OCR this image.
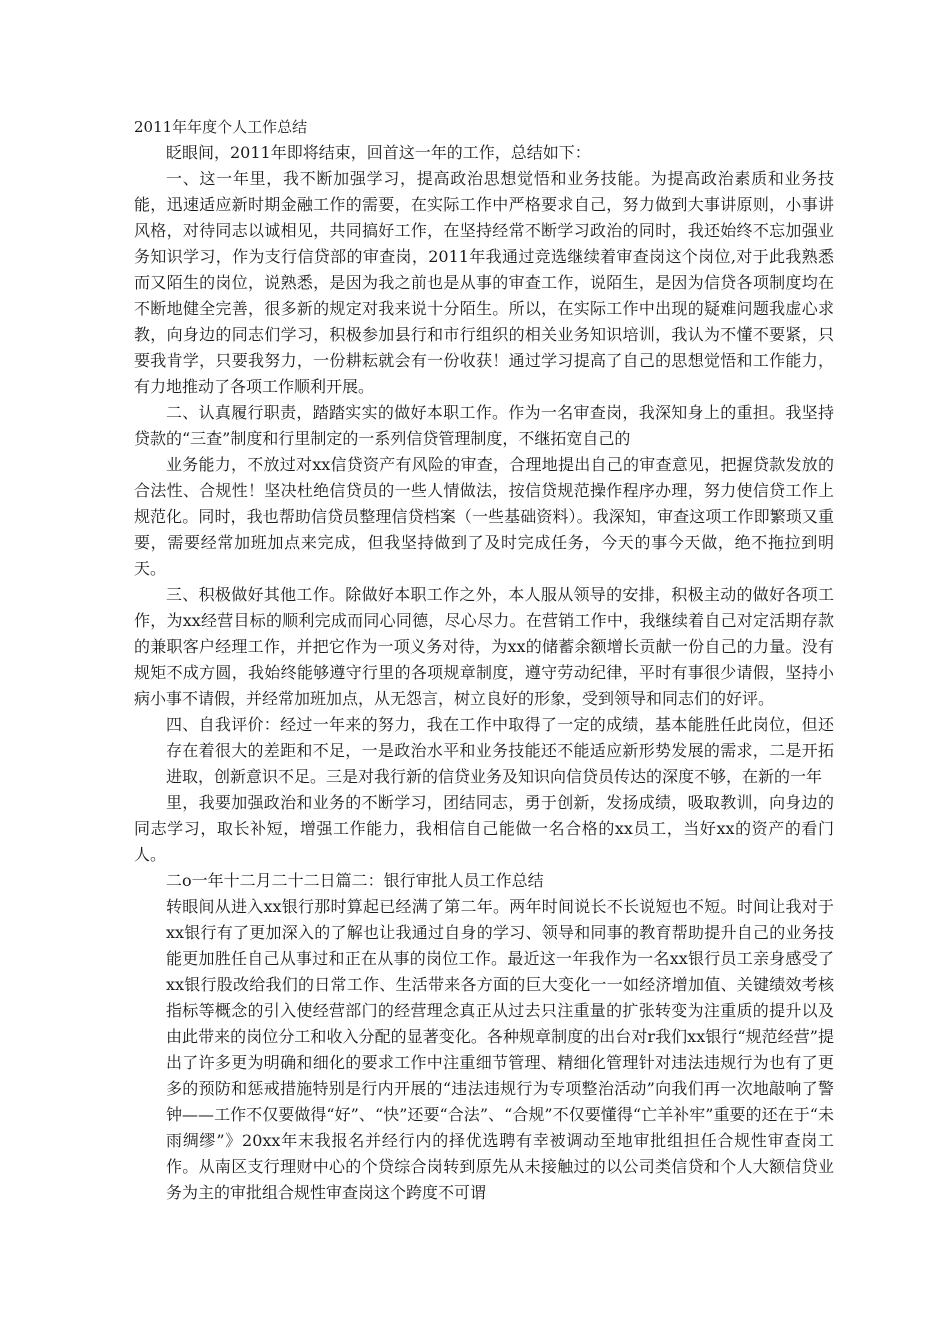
2011年年度个人工作总结

眨眼间，2011年即将结束，回首这一年的工作，总结如下：

一、这一年里，我不断加强学习，提高政治思想觉悟和业务技能。为提高政治素质和业务技能，迅速适应新时期金融工作的需要，在实际工作中严格要求自己，努力做到大事讲原则，小事讲风格，对待同志以诚相见，共同搞好工作，在坚持经常不断学习政治的同时，我还始终不忘加强业务知识学习，作为支行信贷部的审查岗，2011年我通过竞选继续着审查岗这个岗位,对于此我熟悉而又陌生的岗位，说熟悉，是因为我之前也是从事的审查工作，说陌生，是因为信贷各项制度均在不断地健全完善，很多新的规定对我来说十分陌生。所以，在实际工作中出现的疑难问题我虚心求教，向身边的同志们学习，积极参加县行和市行组织的相关业务知识培训，我认为不懂不要紧，只要我肯学，只要我努力，一份耕耘就会有一份收获！通过学习提高了自己的思想觉悟和工作能力，有力地推动了各项工作顺利开展。

二、认真履行职责，踏踏实实的做好本职工作。作为一名审查岗，我深知身上的重担。我坚持贷款的“三查”制度和行里制定的一系列信贷管理制度，不继拓宽自己的

业务能力，不放过对xx信贷资产有风险的审查，合理地提出自己的审查意见，把握贷款发放的合法性、合规性！坚决杜绝信贷员的一些人情做法，按信贷规范操作程序办理，努力使信贷工作上规范化。同时，我也帮助信贷员整理信贷档案（一些基础资料）。我深知，审查这项工作即繁琐又重要，需要经常加班加点来完成，但我坚持做到了及时完成任务，今天的事今天做，绝不拖拉到明天。

三、积极做好其他工作。除做好本职工作之外，本人服从领导的安排，积极主动的做好各项工作，为xx经营目标的顺利完成而同心同德，尽心尽力。在营销工作中，我继续着自己对定活期存款的兼职客户经理工作，并把它作为一项义务对待，为xx的储蓄余额增长贡献一份自己的力量。没有规矩不成方圆，我始终能够遵守行里的各项规章制度，遵守劳动纪律，平时有事很少请假，坚持小病小事不请假，并经常加班加点，从无怨言，树立良好的形象，受到领导和同志们的好评。

四、自我评价：经过一年来的努力，我在工作中取得了一定的成绩，基本能胜任此岗位，但还存在着很大的差距和不足，一是政治水平和业务技能还不能适应新形势发展的需求，二是开拓进取，创新意识不足。三是对我行新的信贷业务及知识向信贷员传达的深度不够，在新的一年

里，我要加强政治和业务的不断学习，团结同志，勇于创新，发扬成绩，吸取教训，向身边的同志学习，取长补短，增强工作能力，我相信自己能做一名合格的xx员工，当好xx的资产的看门人。

二o一年十二月二十二日篇二：银行审批人员工作总结

转眼间从进入xx银行那时算起已经满了第二年。两年时间说长不长说短也不短。时间让我对于xx银行有了更加深入的了解也让我通过自身的学习、领导和同事的教育帮助提升自己的业务技能更加胜任自己从事过和正在从事的岗位工作。最近这一年我作为一名xx银行员工亲身感受了xx银行股改给我们的日常工作、生活带来各方面的巨大变化一一如经济增加值、关键绩效考核指标等概念的引入使经营部门的经营理念真正从过去只注重量的扩张转变为注重质的提升以及由此带来的岗位分工和收入分配的显著变化。各种规章制度的出台对r我们xx银行“规范经营”提出了许多更为明确和细化的要求工作中注重细节管理、精细化管理针对违法违规行为也有了更多的预防和惩戒措施特别是行内开展的“违法违规行为专项整治活动”向我们再一次地敲响了警钟——工作不仅要做得“好”、“快”还要“合法”、“合规”不仅要懂得“亡羊补牢”重要的还在于“未雨绸缪”》20xx年末我报名并经行内的择优选聘有幸被调动至地审批组担任合规性审查岗工作。从南区支行理财中心的个贷综合岗转到原先从未接触过的以公司类信贷和个人大额信贷业务为主的审批组合规性审查岗这个跨度不可谓
